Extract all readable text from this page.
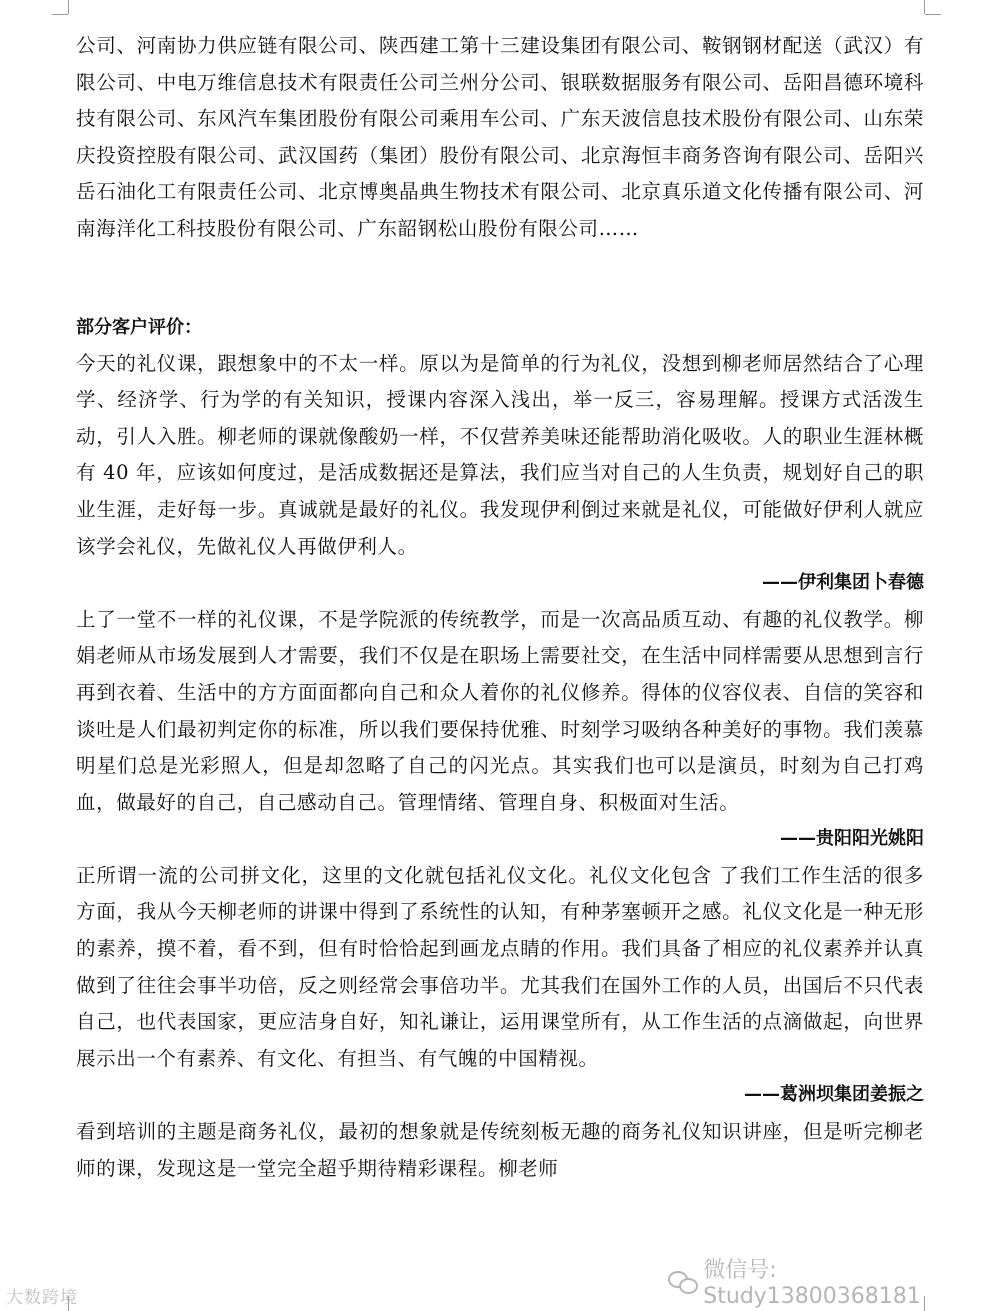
公司、河南协力供应链有限公司、陕西建工第十三建设集团有限公司、鞍钢钢材配送（武汉）有限公司、中电万维信息技术有限责任公司兰州分公司、银联数据服务有限公司、岳阳昌德环境科技有限公司、东风汽车集团股份有限公司乘用车公司、广东天波信息技术股份有限公司、山东荣庆投资控股有限公司、武汉国药（集团）股份有限公司、北京海恒丰商务咨询有限公司、岳阳兴岳石油化工有限责任公司、北京博奥晶典生物技术有限公司、北京真乐道文化传播有限公司、河南海洋化工科技股份有限公司、广东韶钢松山股份有限公司……

部分客户评价：

今天的礼仪课，跟想象中的不太一样。原以为是简单的行为礼仪，没想到柳老师居然结合了心理学、经济学、行为学的有关知识，授课内容深入浅出，举一反三，容易理解。授课方式活泼生动，引人入胜。柳老师的课就像酸奶一样，不仅营养美味还能帮助消化吸收。人的职业生涯林概有 40 年，应该如何度过，是活成数据还是算法，我们应当对自己的人生负责，规划好自己的职业生涯，走好每一步。真诚就是最好的礼仪。我发现伊利倒过来就是礼仪，可能做好伊利人就应该学会礼仪，先做礼仪人再做伊利人。

——伊利集团卜春德

上了一堂不一样的礼仪课，不是学院派的传统教学，而是一次高品质互动、有趣的礼仪教学。柳娟老师从市场发展到人才需要，我们不仅是在职场上需要社交，在生活中同样需要从思想到言行再到衣着、生活中的方方面面都向自己和众人着你的礼仪修养。得体的仪容仪表、自信的笑容和谈吐是人们最初判定你的标准，所以我们要保持优雅、时刻学习吸纳各种美好的事物。我们羡慕明星们总是光彩照人，但是却忽略了自己的闪光点。其实我们也可以是演员，时刻为自己打鸡血，做最好的自己，自己感动自己。管理情绪、管理自身、积极面对生活。

——贵阳阳光姚阳

正所谓一流的公司拼文化，这里的文化就包括礼仪文化。礼仪文化包含 了我们工作生活的很多方面，我从今天柳老师的讲课中得到了系统性的认知，有种茅塞顿开之感。礼仪文化是一种无形的素养，摸不着，看不到，但有时恰恰起到画龙点睛的作用。我们具备了相应的礼仪素养并认真做到了往往会事半功倍，反之则经常会事倍功半。尤其我们在国外工作的人员，出国后不只代表自己，也代表国家，更应洁身自好，知礼谦让，运用课堂所有，从工作生活的点滴做起，向世界展示出一个有素养、有文化、有担当、有气魄的中国精视。

——葛洲坝集团姜振之

看到培训的主题是商务礼仪，最初的想象就是传统刻板无趣的商务礼仪知识讲座，但是听完柳老师的课，发现这是一堂完全超乎期待精彩课程。柳老师

微信号: Study13800368181
大数跨境
